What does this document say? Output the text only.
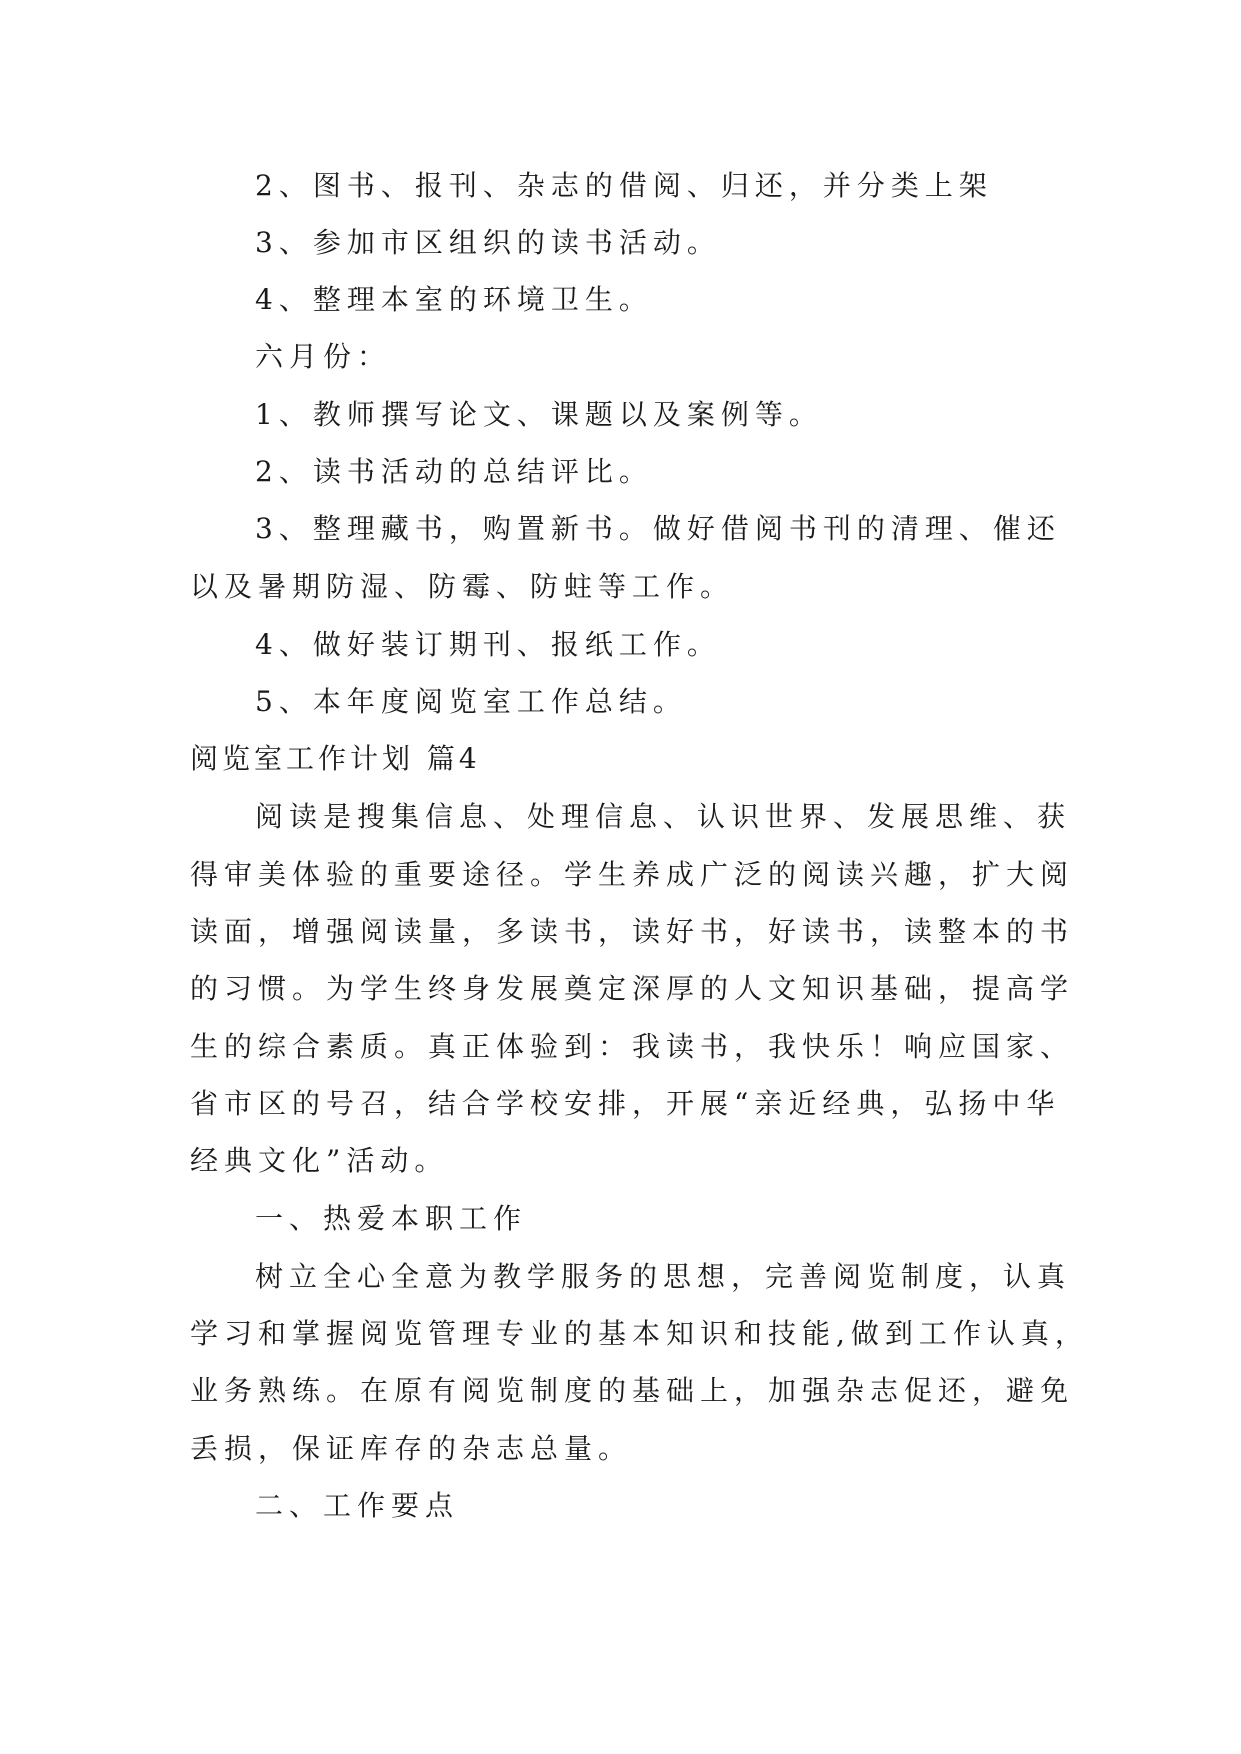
2、图书、报刊、杂志的借阅、归还，并分类上架

3、参加市区组织的读书活动。

4、整理本室的环境卫生。

六月份：

1、教师撰写论文、课题以及案例等。

2、读书活动的总结评比。

3、整理藏书，购置新书。做好借阅书刊的清理、催还

以及暑期防湿、防霉、防蛀等工作。

4、做好装订期刊、报纸工作。

5、本年度阅览室工作总结。

阅览室工作计划 篇4

阅读是搜集信息、处理信息、认识世界、发展思维、获

得审美体验的重要途径。学生养成广泛的阅读兴趣，扩大阅

读面，增强阅读量，多读书，读好书，好读书，读整本的书

的习惯。为学生终身发展奠定深厚的人文知识基础，提高学

生的综合素质。真正体验到：我读书，我快乐！响应国家、

省市区的号召，结合学校安排，开展“亲近经典，弘扬中华

经典文化”活动。

一、热爱本职工作

树立全心全意为教学服务的思想，完善阅览制度，认真

学习和掌握阅览管理专业的基本知识和技能,做到工作认真，

业务熟练。在原有阅览制度的基础上，加强杂志促还，避免

丢损，保证库存的杂志总量。

二、工作要点
